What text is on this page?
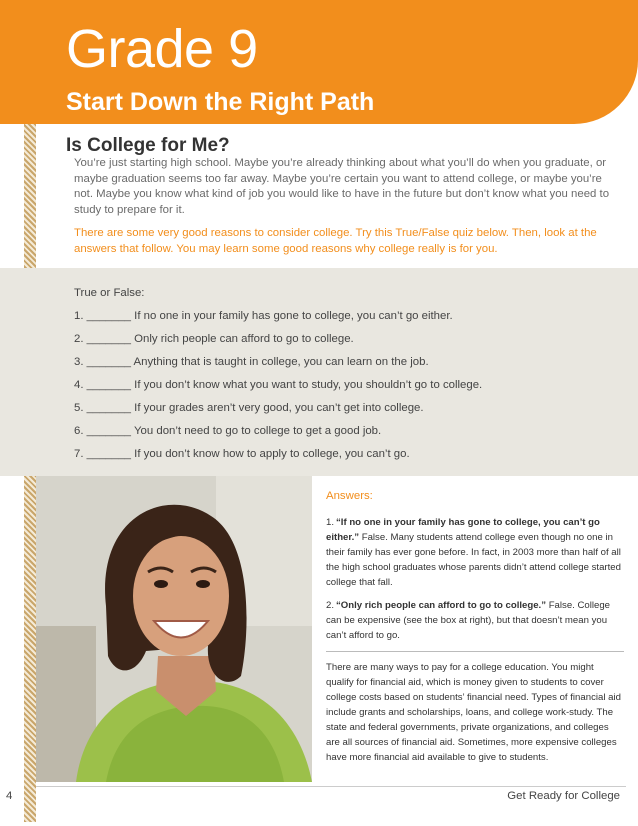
Grade 9
Start Down the Right Path
Is College for Me?

You’re just starting high school. Maybe you’re already thinking about what you’ll do when you graduate, or maybe graduation seems too far away. Maybe you’re certain you want to attend college, or maybe you’re not. Maybe you know what kind of job you would like to have in the future but don’t know what you need to study to prepare for it.

There are some very good reasons to consider college. Try this True/False quiz below. Then, look at the answers that follow. You may learn some good reasons why college really is for you.

True or False:
1. _______ If no one in your family has gone to college, you can’t go either.
2. _______ Only rich people can afford to go to college.
3. _______ Anything that is taught in college, you can learn on the job.
4. _______ If you don’t know what you want to study, you shouldn’t go to college.
5. _______ If your grades aren’t very good, you can’t get into college.
6. _______ You don’t need to go to college to get a good job.
7. _______ If you don’t know how to apply to college, you can’t go.
Answers:
1. “If no one in your family has gone to college, you can’t go either.” False. Many students attend college even though no one in their family has ever gone before. In fact, in 2003 more than half of all the high school graduates whose parents didn’t attend college started college that fall.
2. “Only rich people can afford to go to college.” False. College can be expensive (see the box at right), but that doesn’t mean you can’t afford to go.

There are many ways to pay for a college education. You might qualify for financial aid, which is money given to students to cover college costs based on students’ financial need. Types of financial aid include grants and scholarships, loans, and college work-study. The state and federal governments, private organizations, and colleges are all sources of financial aid. Sometimes, more expensive colleges have more financial aid available to give to students.

4	Get Ready for College
